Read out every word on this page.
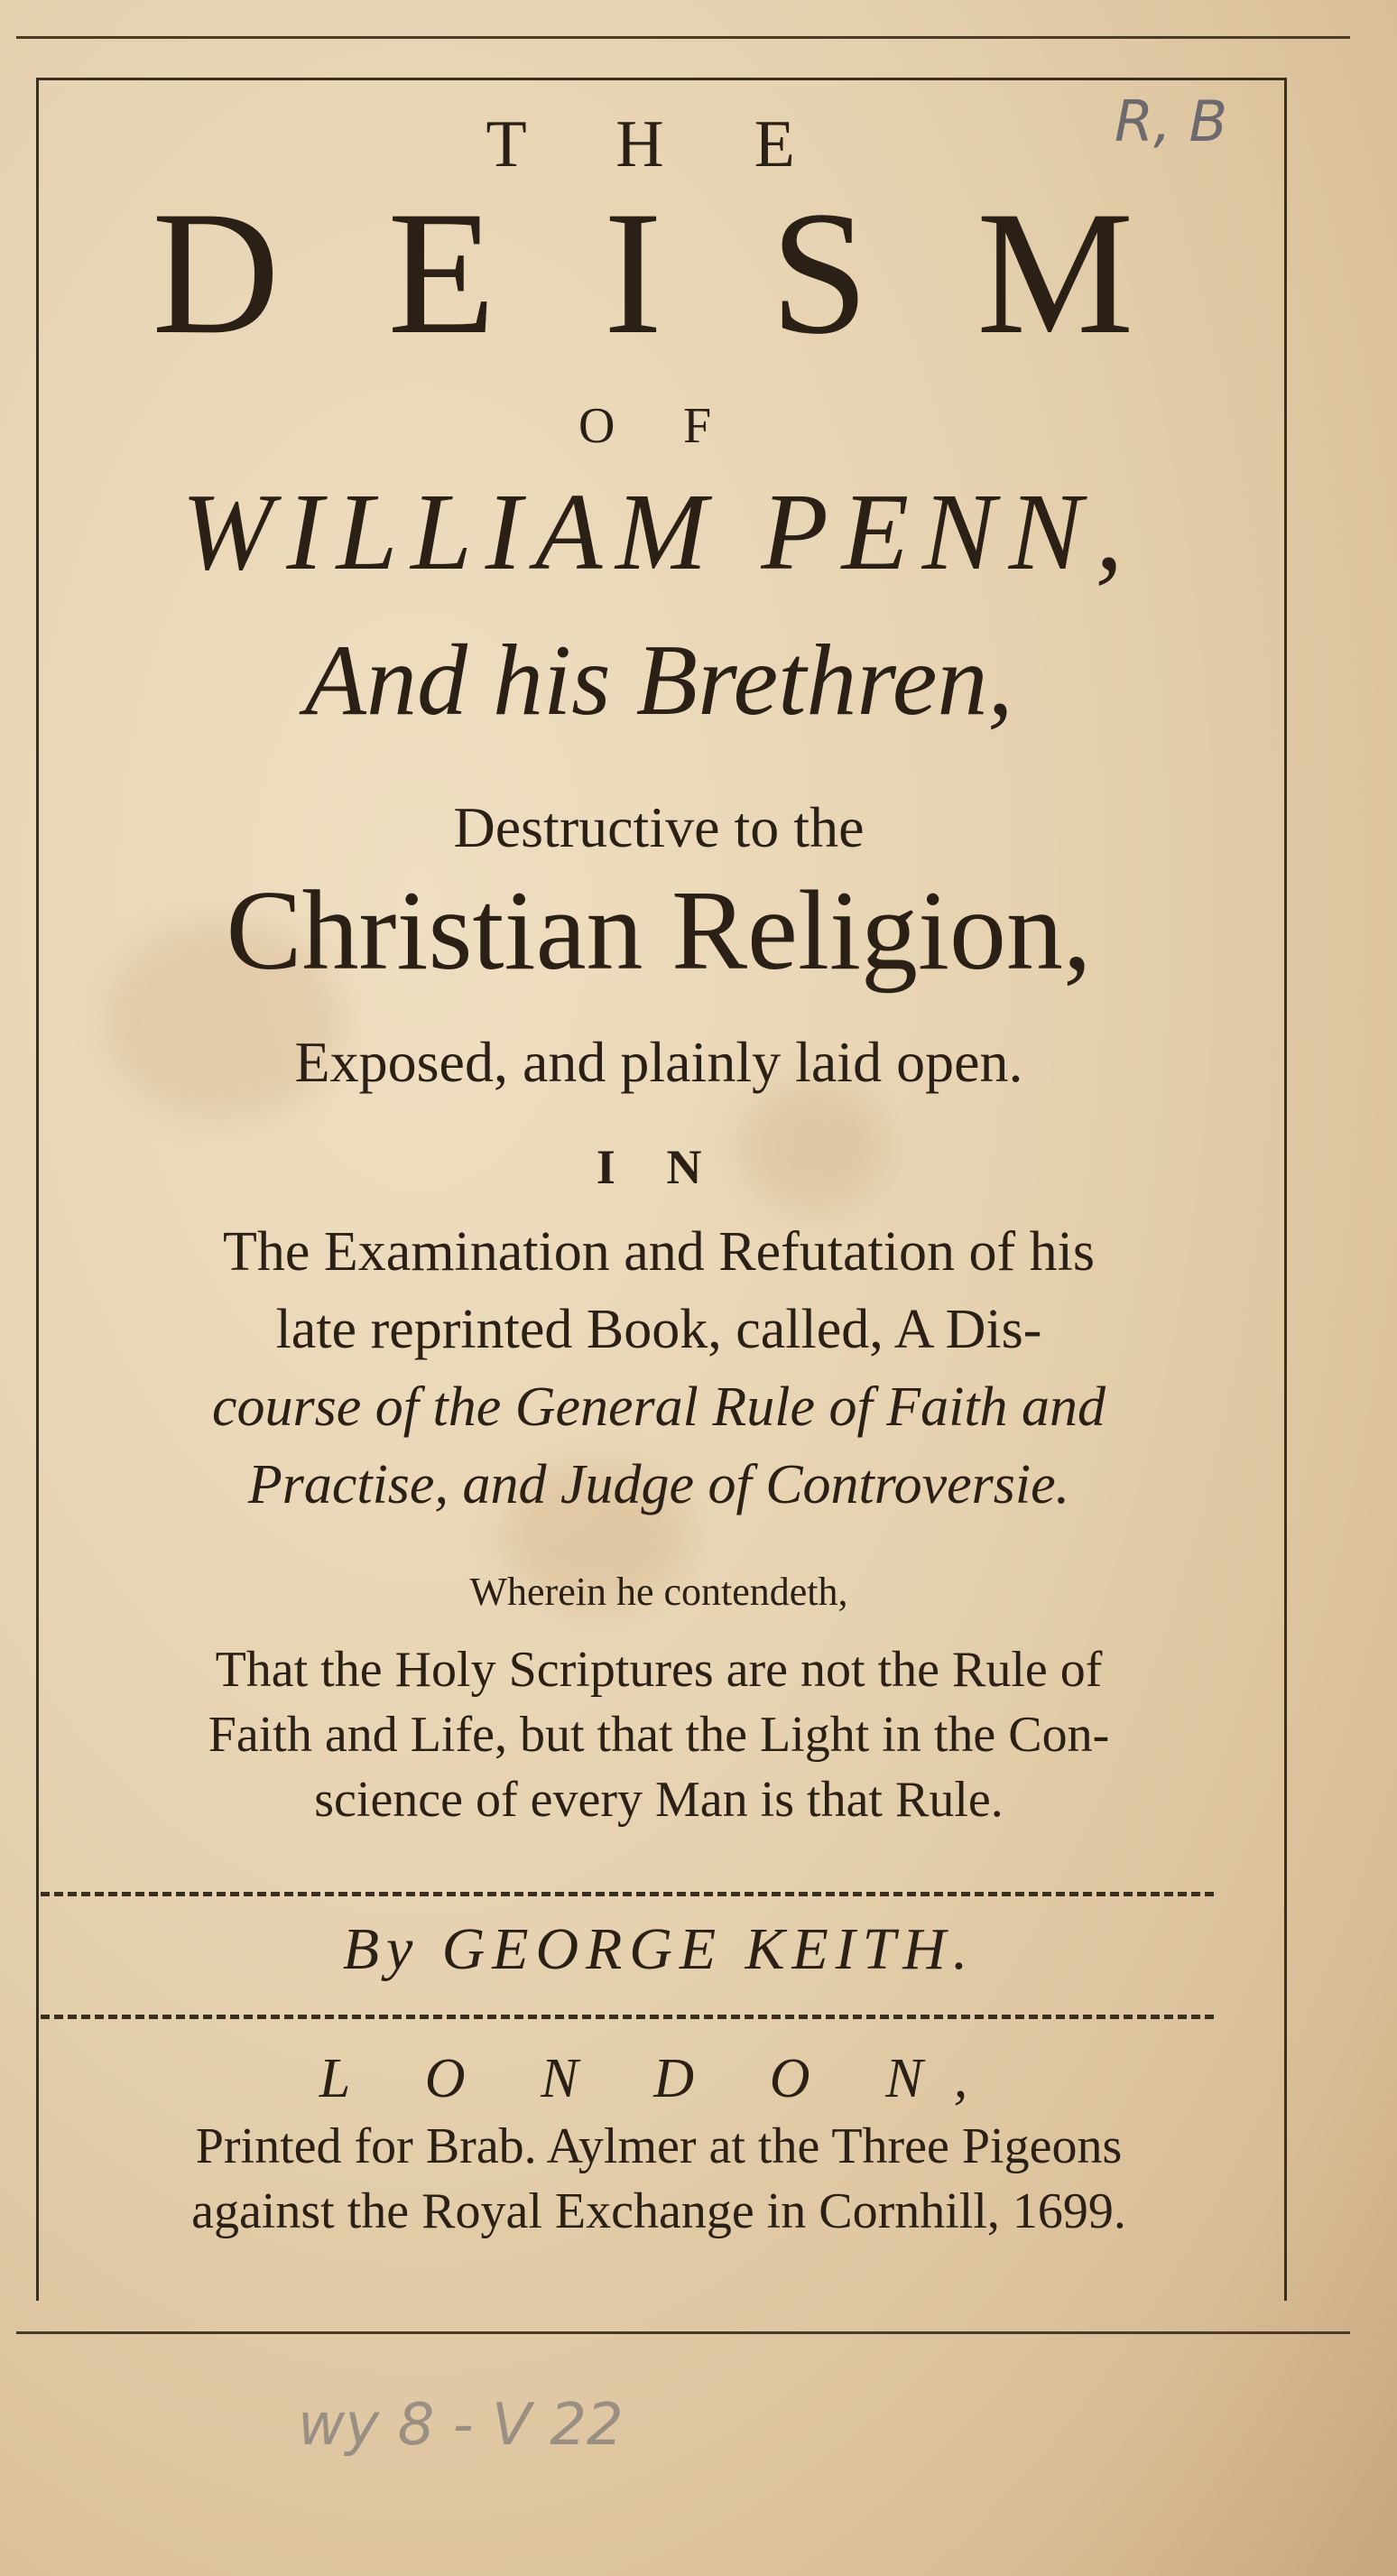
R, B
T H E
D E I S M
O F
WILLIAM PENN,
And his Brethren,
Destructive to the
Christian Religion,
Exposed, and plainly laid open.
I N
The Examination and Refutation of his
late reprinted Book, called, A Dis-
course of the General Rule of Faith and
Practise, and Judge of Controversie.
Wherein he contendeth,
That the Holy Scriptures are not the Rule of
Faith and Life, but that the Light in the Con-
science of every Man is that Rule.
By GEORGE KEITH.
L O N D O N,
Printed for Brab. Aylmer at the Three Pigeons
against the Royal Exchange in Cornhill, 1699.
wy 8 - V 22
